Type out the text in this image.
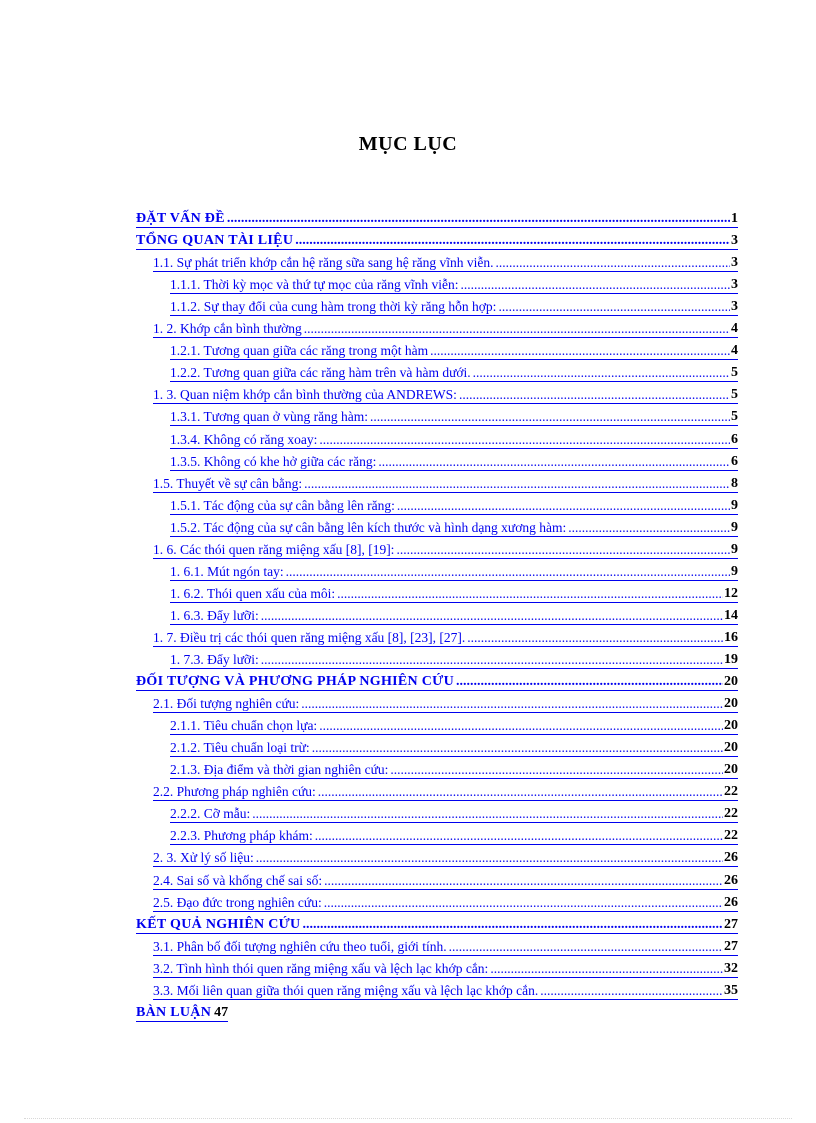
MỤC LỤC
ĐẶT VẤN ĐỀ .....	1
TỔNG QUAN TÀI LIỆU .....	3
1.1. Sự phát triển khớp cắn hệ răng sữa sang hệ răng vĩnh viễn. .....	3
1.1.1. Thời kỳ mọc và thứ tự mọc của răng vĩnh viễn: .....	3
1.1.2. Sự thay đổi của cung hàm trong thời kỳ răng hỗn hợp: .....	3
1. 2. Khớp cắn bình thường .....	4
1.2.1. Tương quan giữa các răng trong một hàm .....	4
1.2.2. Tương quan giữa các răng hàm trên và hàm dưới. .....	5
1. 3. Quan niệm khớp cắn bình thường của ANDREWS: .....	5
1.3.1. Tương quan ở vùng răng hàm: .....	5
1.3.4. Không có răng xoay: .....	6
1.3.5. Không có khe hở giữa các răng: .....	6
1.5. Thuyết về sự cân bằng: .....	8
1.5.1. Tác động của sự cân bằng lên răng: .....	9
1.5.2. Tác động của sự cân bằng lên kích thước và hình dạng xương hàm: .....	9
1. 6. Các thói quen răng miệng xấu [8], [19]: .....	9
1. 6.1. Mút ngón tay: .....	9
1. 6.2. Thói quen xấu của môi: .....	12
1. 6.3. Đẩy lưỡi: .....	14
1. 7. Điều trị các thói quen răng miệng xấu [8], [23], [27]. .....	16
1. 7.3. Đẩy lưỡi: .....	19
ĐỐI TƯỢNG VÀ PHƯƠNG PHÁP NGHIÊN CỨU .....	20
2.1. Đối tượng nghiên cứu: .....	20
2.1.1. Tiêu chuẩn chọn lựa: .....	20
2.1.2. Tiêu chuẩn loại trừ: .....	20
2.1.3. Địa điểm và thời gian nghiên cứu: .....	20
2.2. Phương pháp nghiên cứu: .....	22
2.2.2. Cỡ mẫu: .....	22
2.2.3. Phương pháp khám: .....	22
2. 3. Xử lý số liệu: .....	26
2.4. Sai số và khống chế sai số: .....	26
2.5. Đạo đức trong nghiên cứu: .....	26
KẾT QUẢ NGHIÊN CỨU .....	27
3.1. Phân bố đối tượng nghiên cứu theo tuổi, giới tính. .....	27
3.2. Tình hình thói quen răng miệng xấu và lệch lạc khớp cắn: .....	32
3.3. Mối liên quan giữa thói quen răng miệng xấu và lệch lạc khớp cắn. .....	35
BÀN LUẬN 47
